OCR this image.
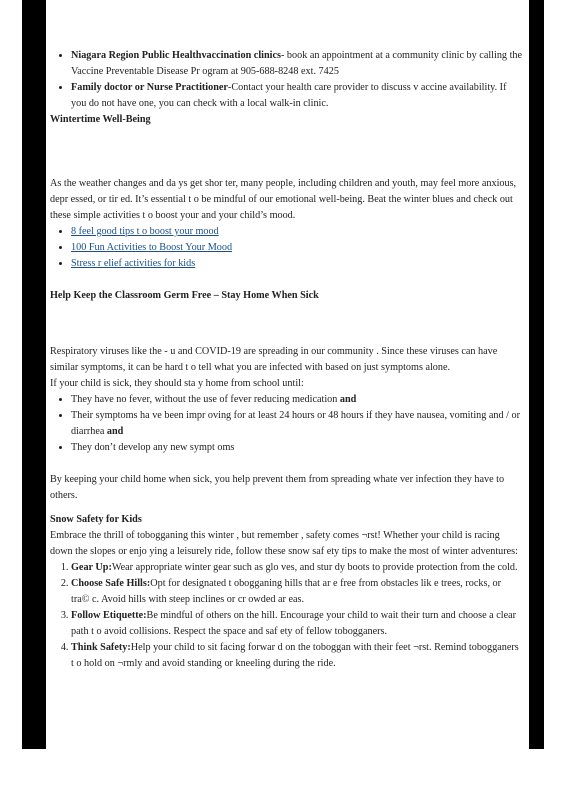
• Niagara Region Public Healthvaccination clinics- book an appointment at a community clinic by calling the Vaccine Preventable Disease Pr ogram at 905-688-8248 ext. 7425
• Family doctor or Nurse Practitioner-Contact your health care provider to discuss v accine availability. If you do not have one, you can check with a local walk-in clinic.
Wintertime Well-Being

As the weather changes and da ys get shor ter, many people, including children and youth, may feel more anxious, depr essed, or tir ed. It’s essential t o be mindful of our emotional well-being. Beat the winter blues and check out these simple activities t o boost your and your child’s mood.

• 8 feel good tips t o boost your mood
• 100 Fun Activities to Boost Your Mood
• Stress r elief activities for kids
Help Keep the Classroom Germ Free – Stay Home When Sick

Respiratory viruses like the - u and COVID-19 are spreading in our community . Since these viruses can have similar symptoms, it can be hard t o tell what you are infected with based on just symptoms alone.

If your child is sick, they should sta y home from school until:

• They have no fever, without the use of fever reducing medication and
• Their symptoms ha ve been impr oving for at least 24 hours or 48 hours if they have nausea, vomiting and / or diarrhea and
• They don’t develop any new sympt oms

By keeping your child home when sick, you help prevent them from spreading whate ver infection they have to others.

Snow Safety for Kids

Embrace the thrill of tobogganing this winter , but remember , safety comes ¬rst! Whether your child is racing down the slopes or enjo ying a leisurely ride, follow these snow saf ety tips to make the most of winter adventures:

1. Gear Up:Wear appropriate winter gear such as glo ves, and stur dy boots to provide protection from the cold.
2. Choose Safe Hills:Opt for designated t obogganing hills that ar e free from obstacles lik e trees, rocks, or tra© c. Avoid hills with steep inclines or cr owded ar eas.
3. Follow Etiquette:Be mindful of others on the hill. Encourage your child to wait their turn and choose a clear path t o avoid collisions. Respect the space and saf ety of fellow tobogganers.
4. Think Safety:Help your child to sit facing forwar d on the toboggan with their feet ¬rst. Remind tobogganers t o hold on ¬rmly and avoid standing or kneeling during the ride.
